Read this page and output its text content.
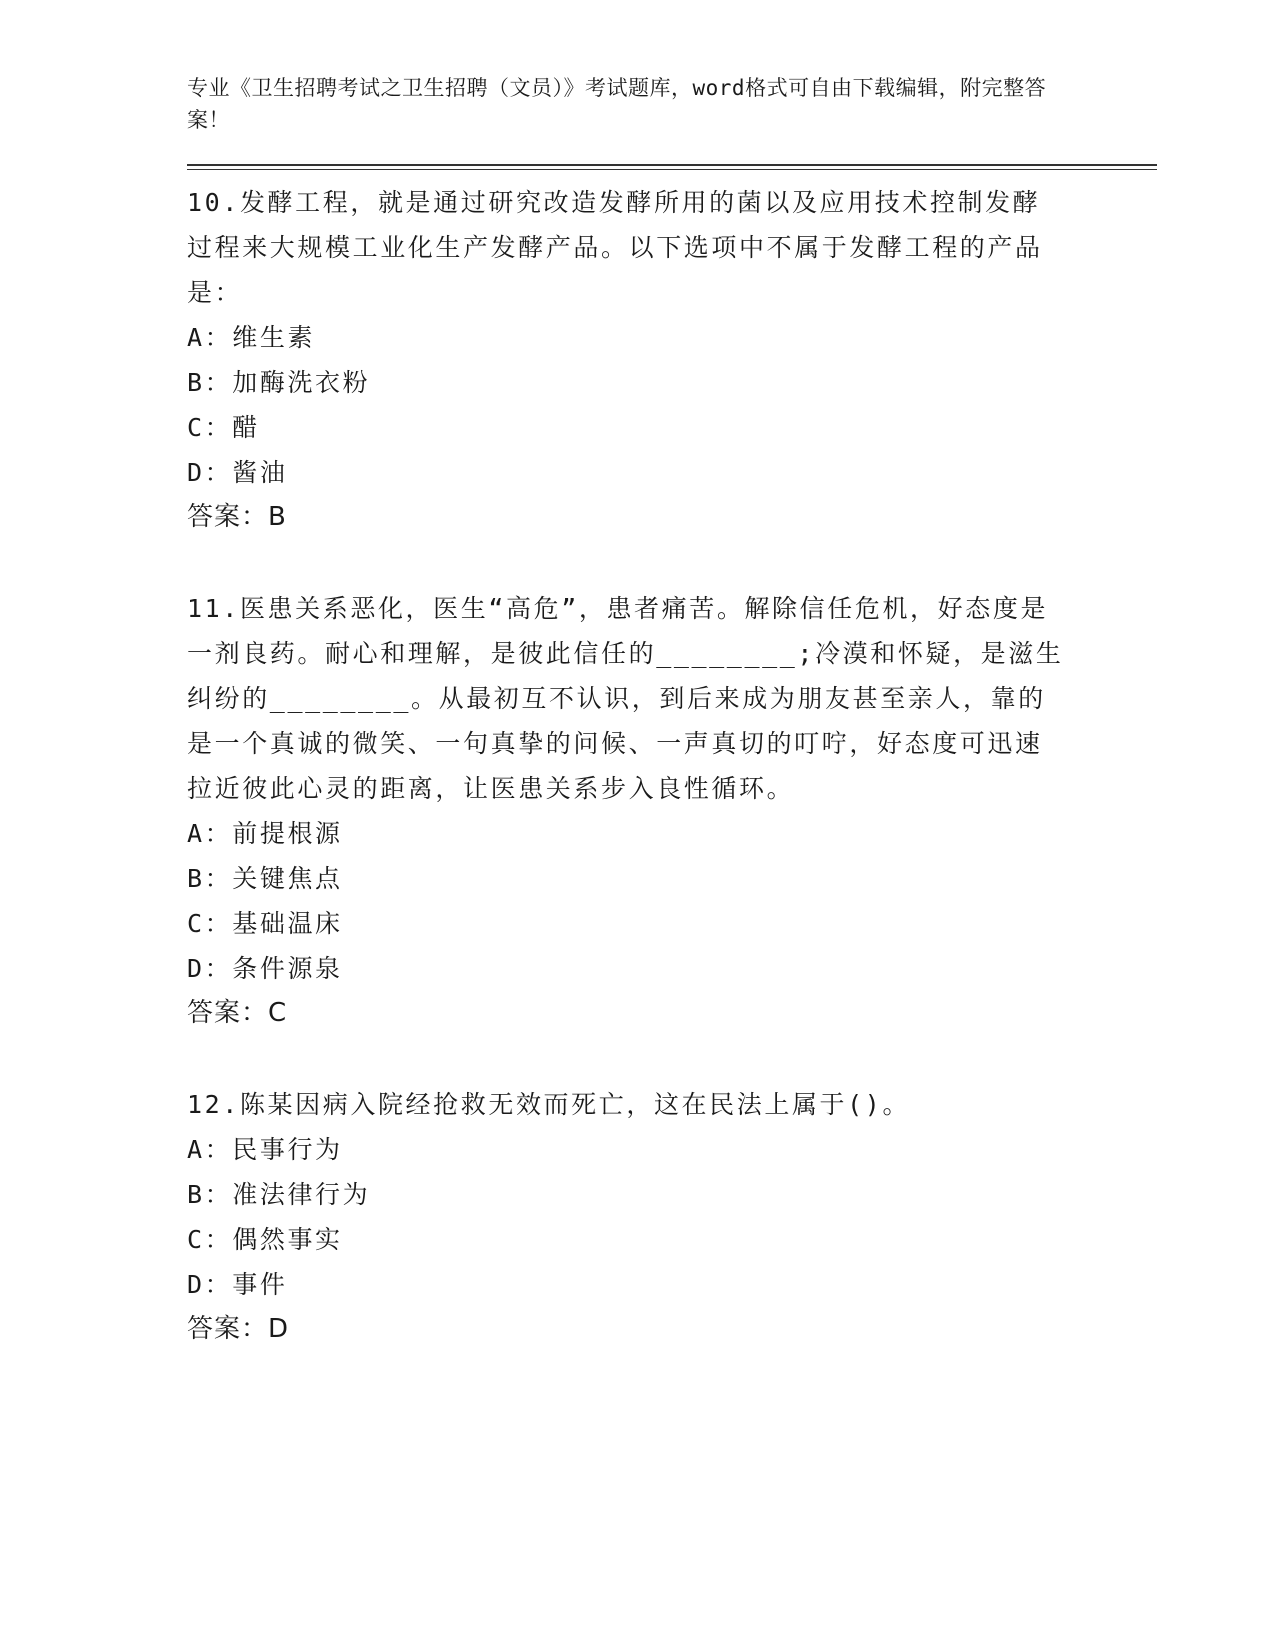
专业《卫生招聘考试之卫生招聘（文员）》考试题库，word格式可自由下载编辑，附完整答案！

10.发酵工程，就是通过研究改造发酵所用的菌以及应用技术控制发酵过程来大规模工业化生产发酵产品。以下选项中不属于发酵工程的产品是：

A：维生素

B：加酶洗衣粉

C：醋

D：酱油

答案：B

11.医患关系恶化，医生“高危”，患者痛苦。解除信任危机，好态度是一剂良药。耐心和理解，是彼此信任的________;冷漠和怀疑，是滋生纠纷的________。从最初互不认识，到后来成为朋友甚至亲人，靠的是一个真诚的微笑、一句真挚的问候、一声真切的叮咛，好态度可迅速拉近彼此心灵的距离，让医患关系步入良性循环。

A：前提根源

B：关键焦点

C：基础温床

D：条件源泉

答案：C

12.陈某因病入院经抢救无效而死亡，这在民法上属于()。

A：民事行为

B：准法律行为

C：偶然事实

D：事件

答案：D
